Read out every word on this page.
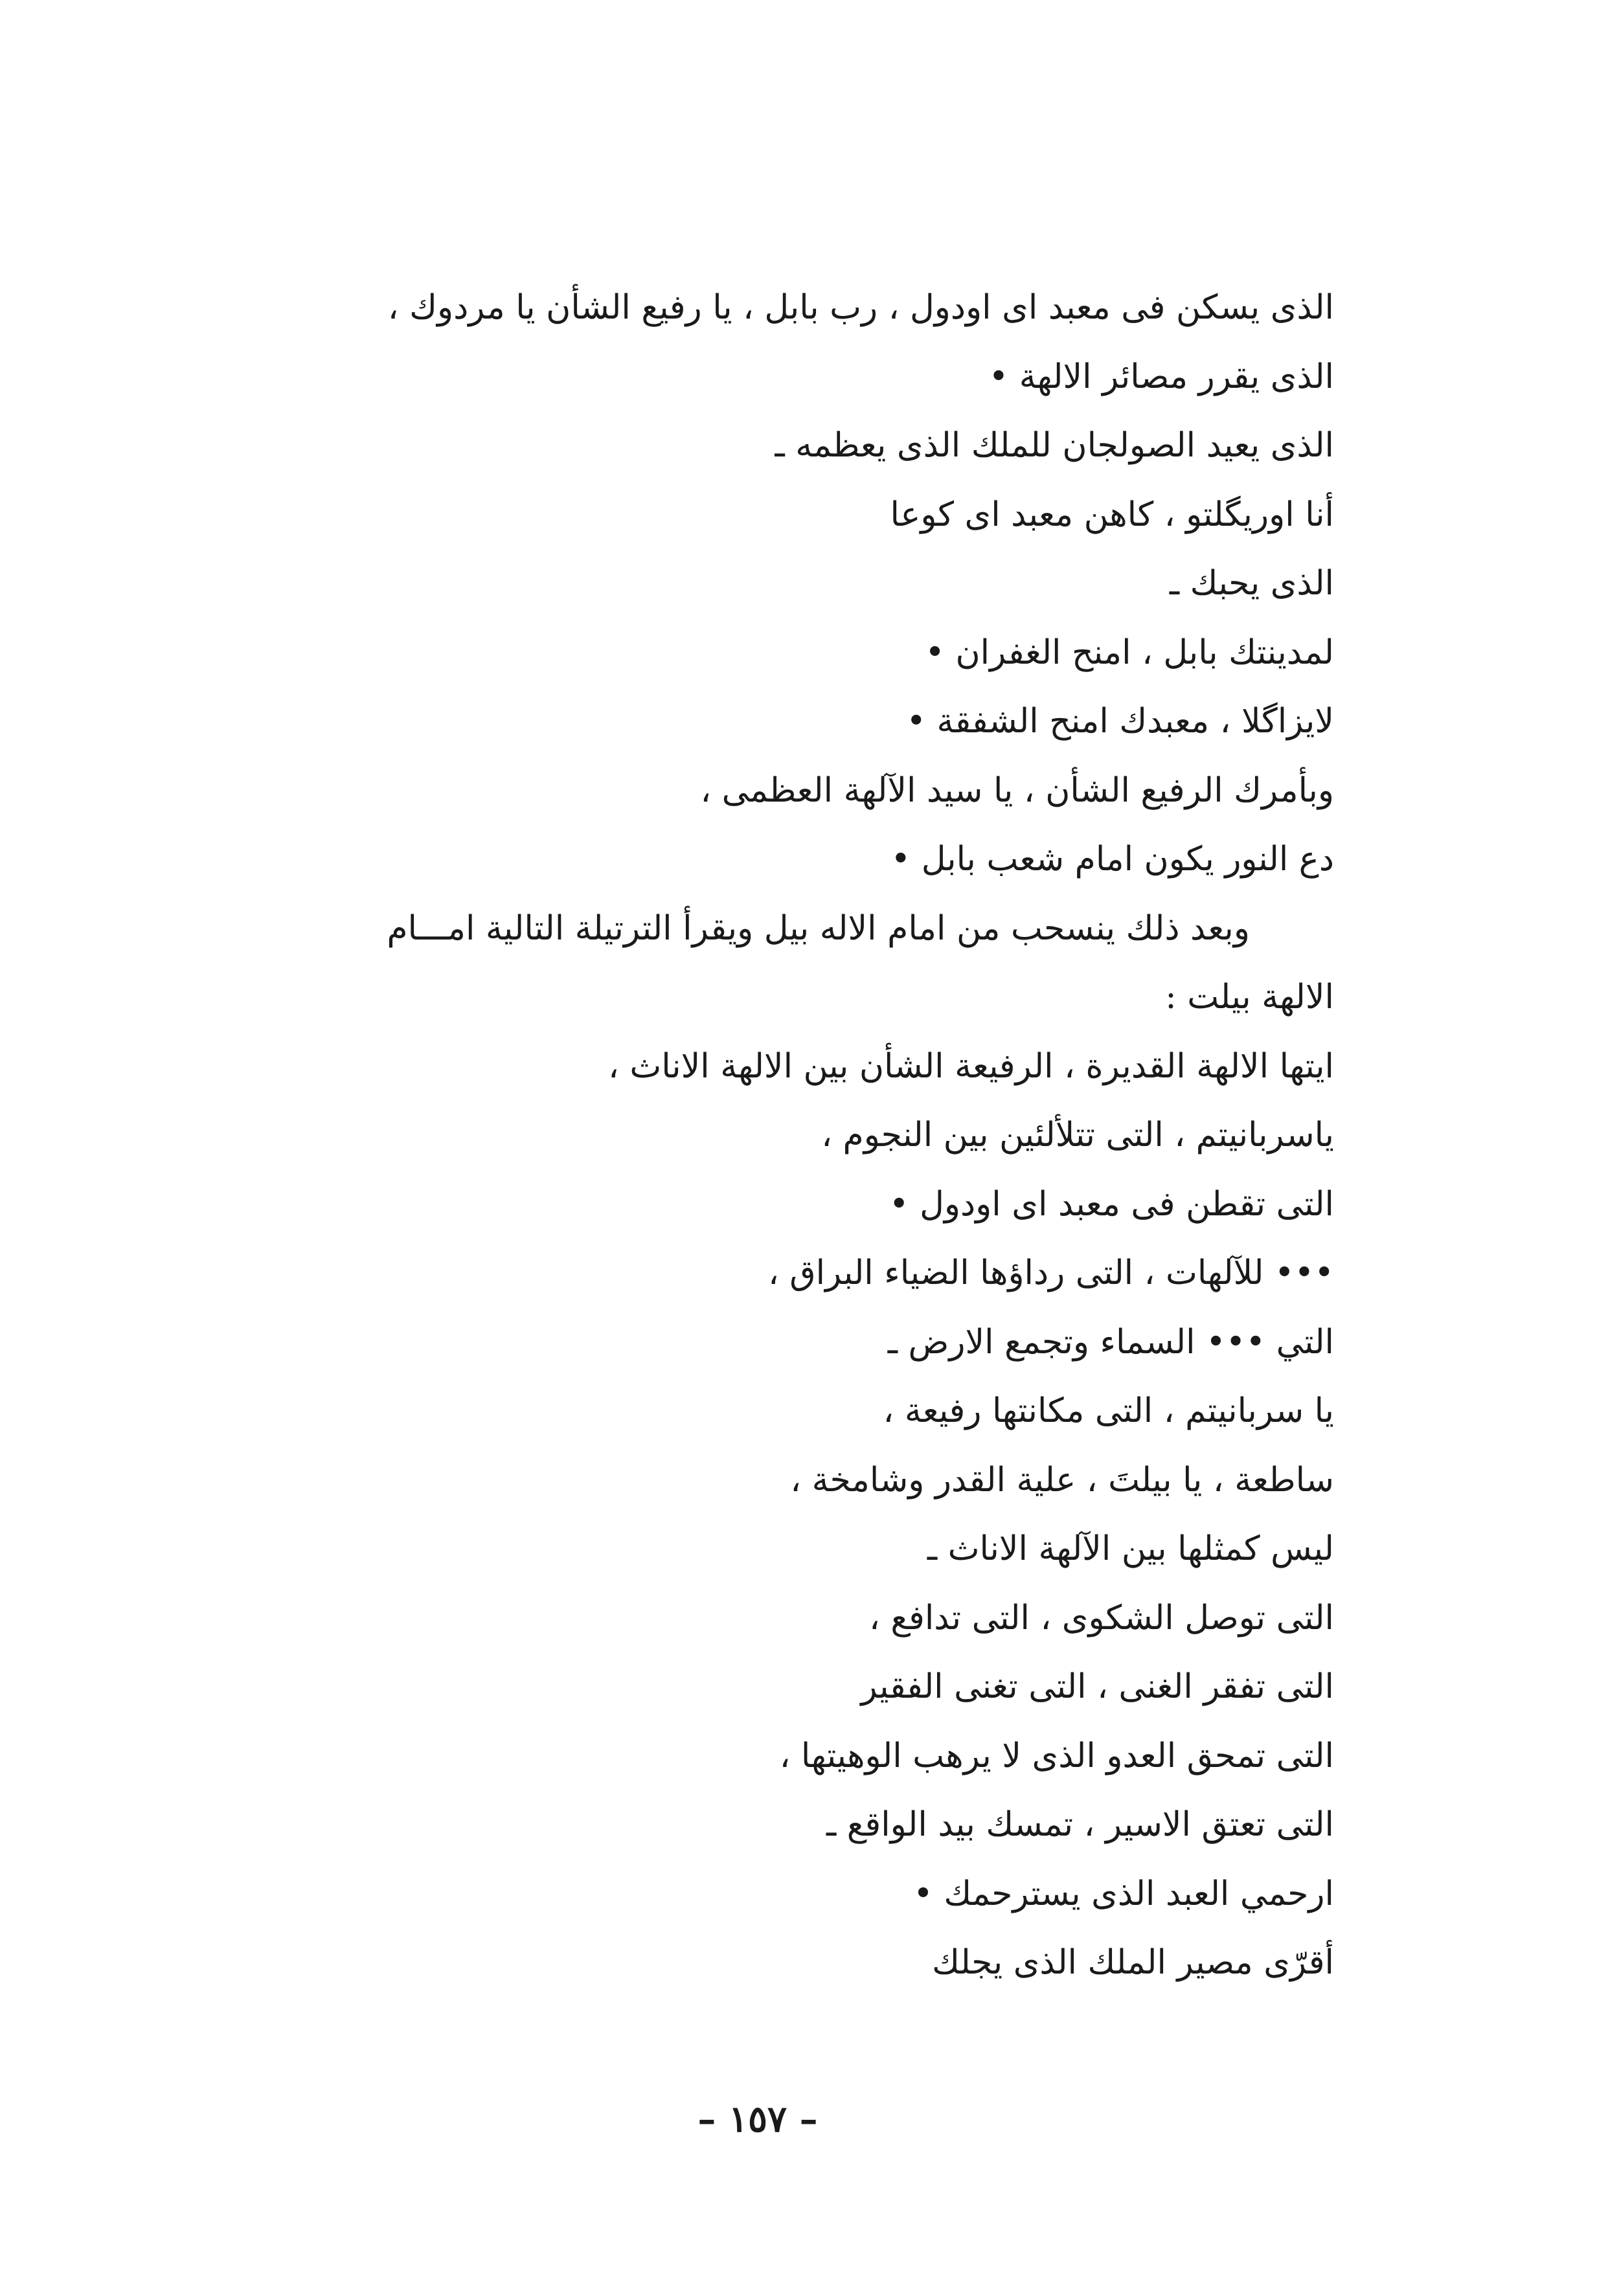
الذى يسكن فى معبد اى اودول ، رب بابل ، يا رفيع الشأن يا مردوك ،
الذى يقرر مصائر الالهة •
الذى يعيد الصولجان للملك الذى يعظمه ـ
أنا اوريگلتو ، كاهن معبد اى كوعا
الذى يحبك ـ
لمدينتك بابل ، امنح الغفران •
لايزاگلا ، معبدك امنح الشفقة •
وبأمرك الرفيع الشأن ، يا سيد الآلهة العظمى ،
دع النور يكون امام شعب بابل •
وبعد ذلك ينسحب من امام الاله بيل ويقرأ الترتيلة التالية امـــام
الالهة بيلت :
ايتها الالهة القديرة ، الرفيعة الشأن بين الالهة الاناث ،
ياسربانيتم ، التى تتلألئين بين النجوم ،
التى تقطن فى معبد اى اودول •
••• للآلهات ، التى رداؤها الضياء البراق ،
التي ••• السماء وتجمع الارض ـ
يا سربانيتم ، التى مكانتها رفيعة ،
ساطعة ، يا بيلتَ ، علية القدر وشامخة ،
ليس كمثلها بين الآلهة الاناث ـ
التى توصل الشكوى ، التى تدافع ،
التى تفقر الغنى ، التى تغنى الفقير
التى تمحق العدو الذى لا يرهب الوهيتها ،
التى تعتق الاسير ، تمسك بيد الواقع ـ
ارحمي العبد الذى يسترحمك •
أقرّى مصير الملك الذى يجلك
– ١٥٧ –
